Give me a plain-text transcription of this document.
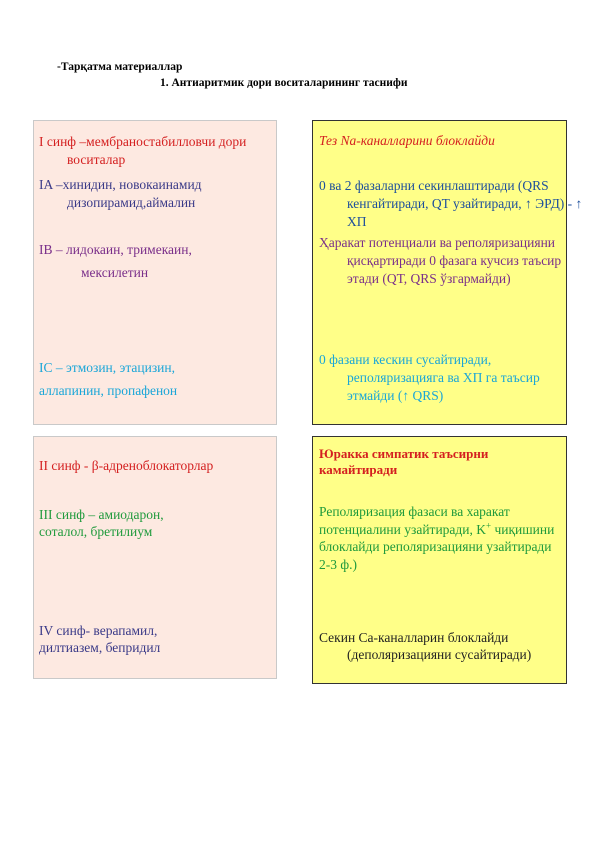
-Тарқатма материаллар
1. Антиаритмик дори воситаларининг таснифи

I синф –мембраностабилловчи дори воситалар

IA –хинидин, новокаинамид дизопирамид,аймалин

IB – лидокаин, тримекаин,

мексилетин

IC – этмозин, этацизин,

аллапинин, пропафенон

Тез Na-каналларини блоклайди

0 ва 2 фазаларни секинлаштиради (QRS кенгайтиради, QT узайтиради, ↑ ЭРД) - ↑ ХП

Ҳаракат потенциали ва реполяризацияни қисқартиради 0 фазага кучсиз таъсир этади (QT, QRS ўзгармайди)

0 фазани кескин сусайтиради, реполяризацияга ва ХП га таъсир этмайди (↑ QRS)

II синф - β-адреноблокаторлар

III синф – амиодарон,

соталол, бретилиум

IV синф- верапамил,

дилтиазем, бепридил

Юракка симпатик таъсирни камайтиради

Реполяризация фазаси ва харакат потенциалини узайтиради, K+ чиқишини блоклайди реполяризацияни узайтиради 2-3 ф.)

Секин Ca-каналларин блоклайди (деполяризацияни сусайтиради)
